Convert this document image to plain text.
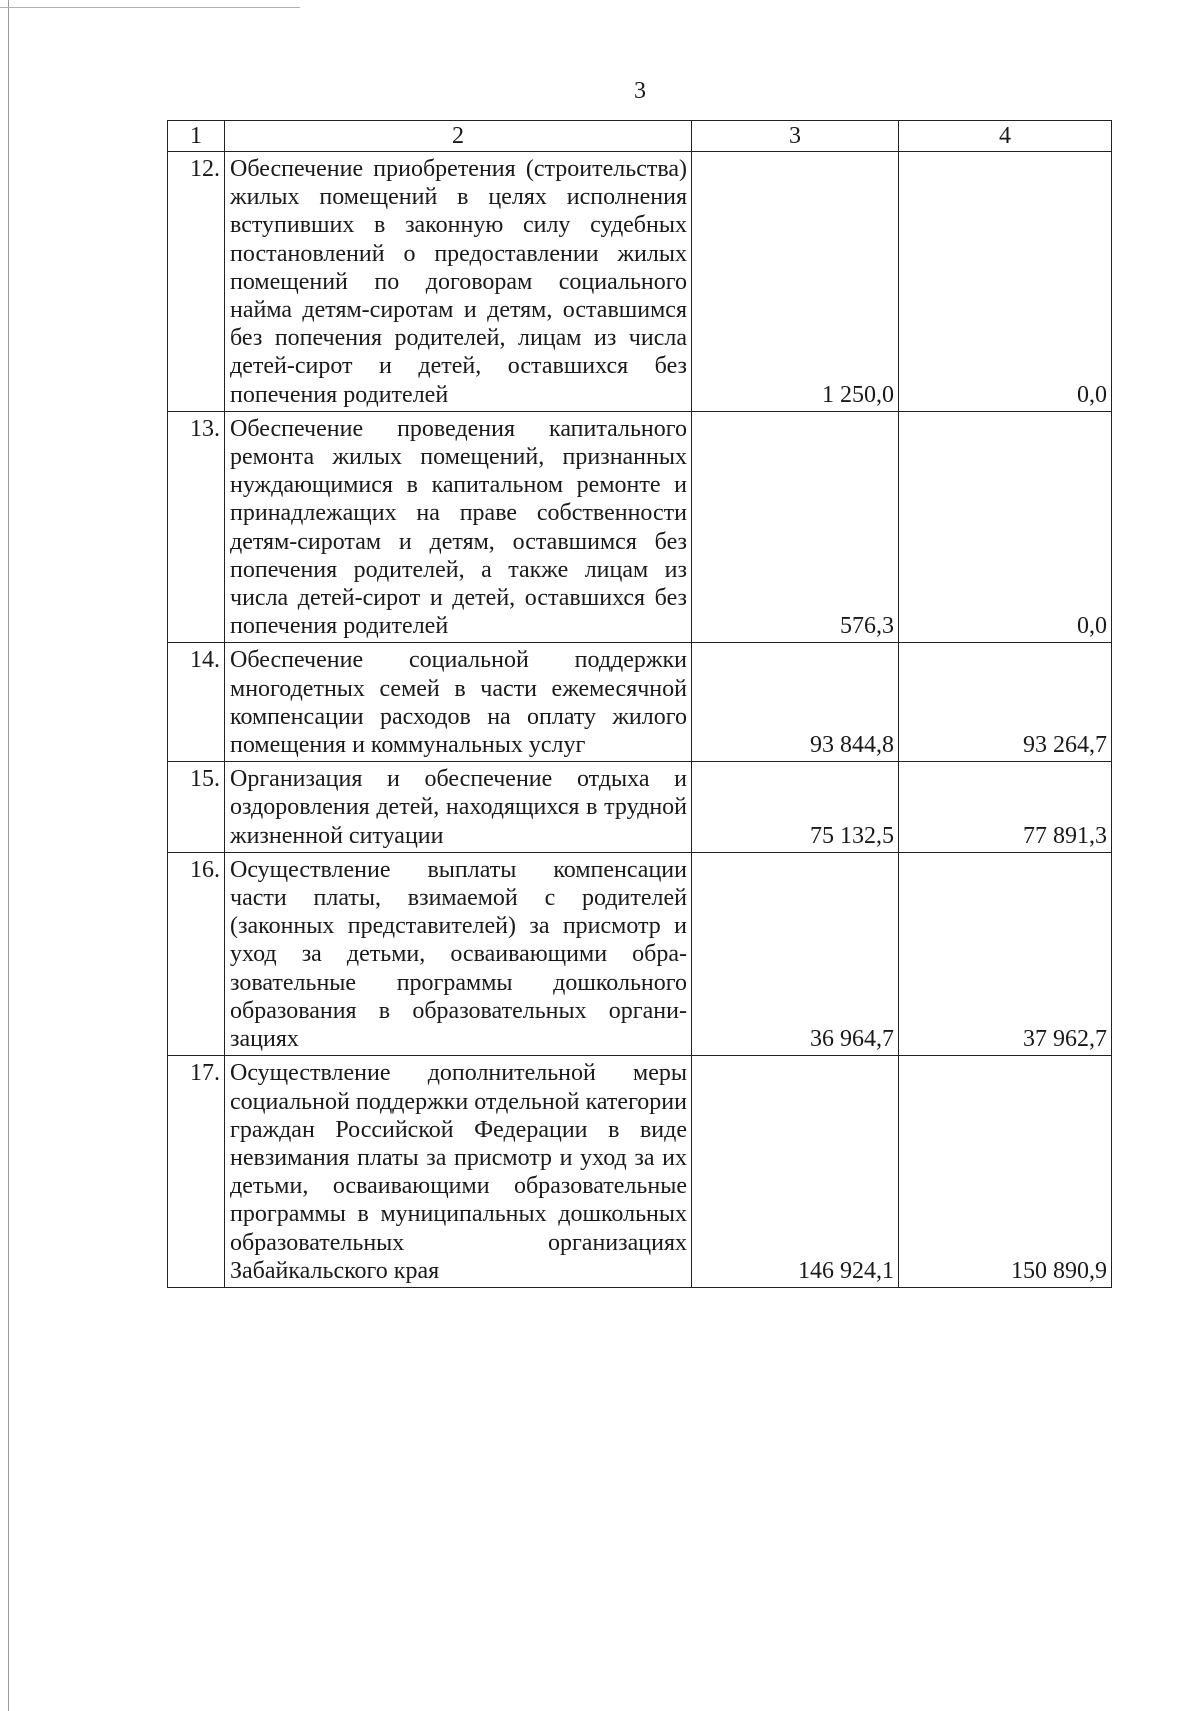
3
1	2	3	4
12.	Обеспечение приобретения (строительства) жилых помещений в целях исполнения вступивших в законную силу судебных постановлений о предоставлении жилых помещений по договорам социального найма детям-сиротам и детям, оставшимся без попечения родителей, лицам из числа детей-сирот и детей, оставшихся без попечения родителей	1 250,0	0,0
13.	Обеспечение проведения капитального ремонта жилых помещений, признанных нуждающимися в капитальном ремонте и принадлежащих на праве собственности детям-сиротам и детям, оставшимся без попечения родителей, а также лицам из числа детей-сирот и детей, оставшихся без попечения родителей	576,3	0,0
14.	Обеспечение социальной поддержки многодетных семей в части ежемесячной компенсации расходов на оплату жилого помещения и коммунальных услуг	93 844,8	93 264,7
15.	Организация и обеспечение отдыха и оздоровления детей, находящихся в трудной жизненной ситуации	75 132,5	77 891,3
16.	Осуществление выплаты компенсации части платы, взимаемой с родителей (законных представителей) за присмотр и уход за детьми, осваивающими образовательные программы дошкольного образования в образовательных организациях	36 964,7	37 962,7
17.	Осуществление дополнительной меры социальной поддержки отдельной категории граждан Российской Федерации в виде невзимания платы за присмотр и уход за их детьми, осваивающими образовательные программы в муниципальных дошкольных образовательных организациях Забайкальского края	146 924,1	150 890,9
